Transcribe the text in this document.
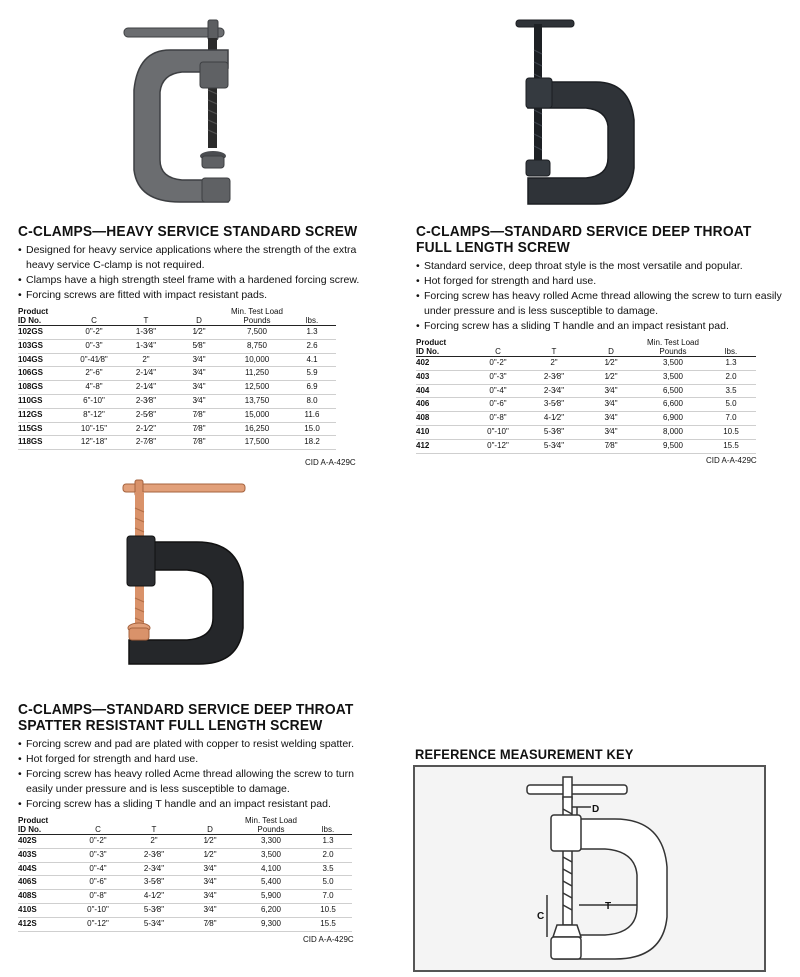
C-CLAMPS—HEAVY SERVICE STANDARD SCREW
• Designed for heavy service applications where the strength of the extra heavy service C-clamp is not required.
• Clamps have a high strength steel frame with a hardened forcing screw.
• Forcing screws are fitted with impact resistant pads.
Product
ID No.	C	T	D	Min. Test Load
Pounds	lbs.
102GS	0"-2"	1-3⁄8"	1⁄2"	7,500	1.3
103GS	0"-3"	1-3⁄4"	5⁄8"	8,750	2.6
104GS	0"-41⁄8"	2"	3⁄4"	10,000	4.1
106GS	2"-6"	2-1⁄4"	3⁄4"	11,250	5.9
108GS	4"-8"	2-1⁄4"	3⁄4"	12,500	6.9
110GS	6"-10"	2-3⁄8"	3⁄4"	13,750	8.0
112GS	8"-12"	2-5⁄8"	7⁄8"	15,000	11.6
115GS	10"-15"	2-1⁄2"	7⁄8"	16,250	15.0
118GS	12"-18"	2-7⁄8"	7⁄8"	17,500	18.2
CID A-A-429C
C-CLAMPS—STANDARD SERVICE DEEP THROAT
FULL LENGTH SCREW
• Standard service, deep throat style is the most versatile and popular.
• Hot forged for strength and hard use.
• Forcing screw has heavy rolled Acme thread allowing the screw to turn easily under pressure and is less susceptible to damage.
• Forcing screw has a sliding T handle and an impact resistant pad.
Product
ID No.	C	T	D	Min. Test Load
Pounds	lbs.
402	0"-2"	2"	1⁄2"	3,500	1.3
403	0"-3"	2-3⁄8"	1⁄2"	3,500	2.0
404	0"-4"	2-3⁄4"	3⁄4"	6,500	3.5
406	0"-6"	3-5⁄8"	3⁄4"	6,600	5.0
408	0"-8"	4-1⁄2"	3⁄4"	6,900	7.0
410	0"-10"	5-3⁄8"	3⁄4"	8,000	10.5
412	0"-12"	5-3⁄4"	7⁄8"	9,500	15.5
CID A-A-429C
C-CLAMPS—STANDARD SERVICE DEEP THROAT
SPATTER RESISTANT FULL LENGTH SCREW
• Forcing screw and pad are plated with copper to resist welding spatter.
• Hot forged for strength and hard use.
• Forcing screw has heavy rolled Acme thread allowing the screw to turn easily under pressure and is less susceptible to damage.
• Forcing screw has a sliding T handle and an impact resistant pad.
Product
ID No.	C	T	D	Min. Test Load
Pounds	lbs.
402S	0"-2"	2"	1⁄2"	3,300	1.3
403S	0"-3"	2-3⁄8"	1⁄2"	3,500	2.0
404S	0"-4"	2-3⁄4"	3⁄4"	4,100	3.5
406S	0"-6"	3-5⁄8"	3⁄4"	5,400	5.0
408S	0"-8"	4-1⁄2"	3⁄4"	5,900	7.0
410S	0"-10"	5-3⁄8"	3⁄4"	6,200	10.5
412S	0"-12"	5-3⁄4"	7⁄8"	9,300	15.5
CID A-A-429C
REFERENCE MEASUREMENT KEY
D
T
C
